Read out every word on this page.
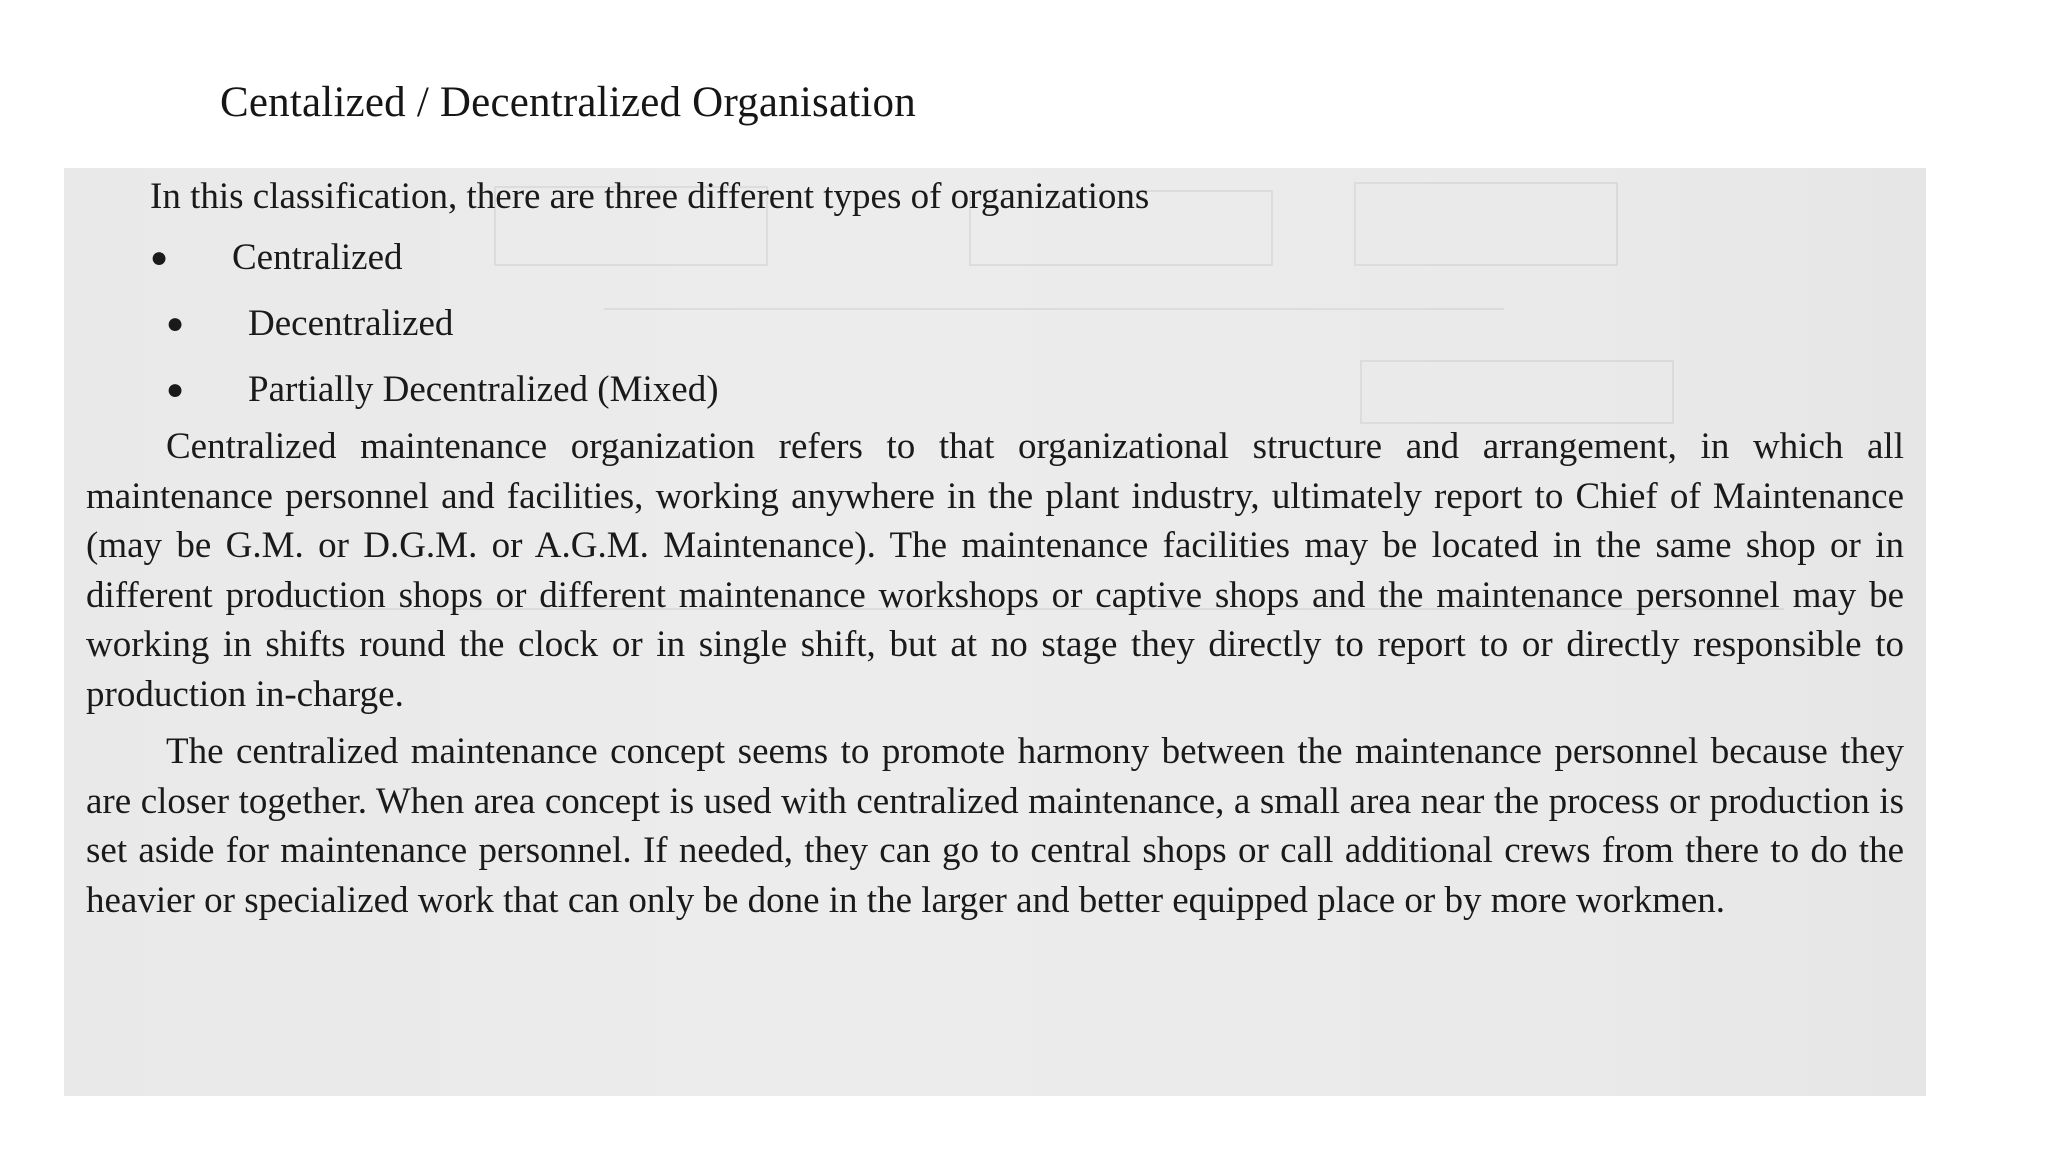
Centalized / Decentralized Organisation

In this classification, there are three different types of organizations

● Centralized
● Decentralized
● Partially Decentralized (Mixed)

Centralized maintenance organization refers to that organizational structure and arrangement, in which all maintenance personnel and facilities, working anywhere in the plant industry, ultimately report to Chief of Maintenance (may be G.M. or D.G.M. or A.G.M. Maintenance). The maintenance facilities may be located in the same shop or in different production shops or different maintenance workshops or captive shops and the maintenance personnel may be working in shifts round the clock or in single shift, but at no stage they directly to report to or directly responsible to production in-charge.

The centralized maintenance concept seems to promote harmony between the maintenance personnel because they are closer together. When area concept is used with centralized maintenance, a small area near the process or production is set aside for maintenance personnel. If needed, they can go to central shops or call additional crews from there to do the heavier or specialized work that can only be done in the larger and better equipped place or by more workmen.
